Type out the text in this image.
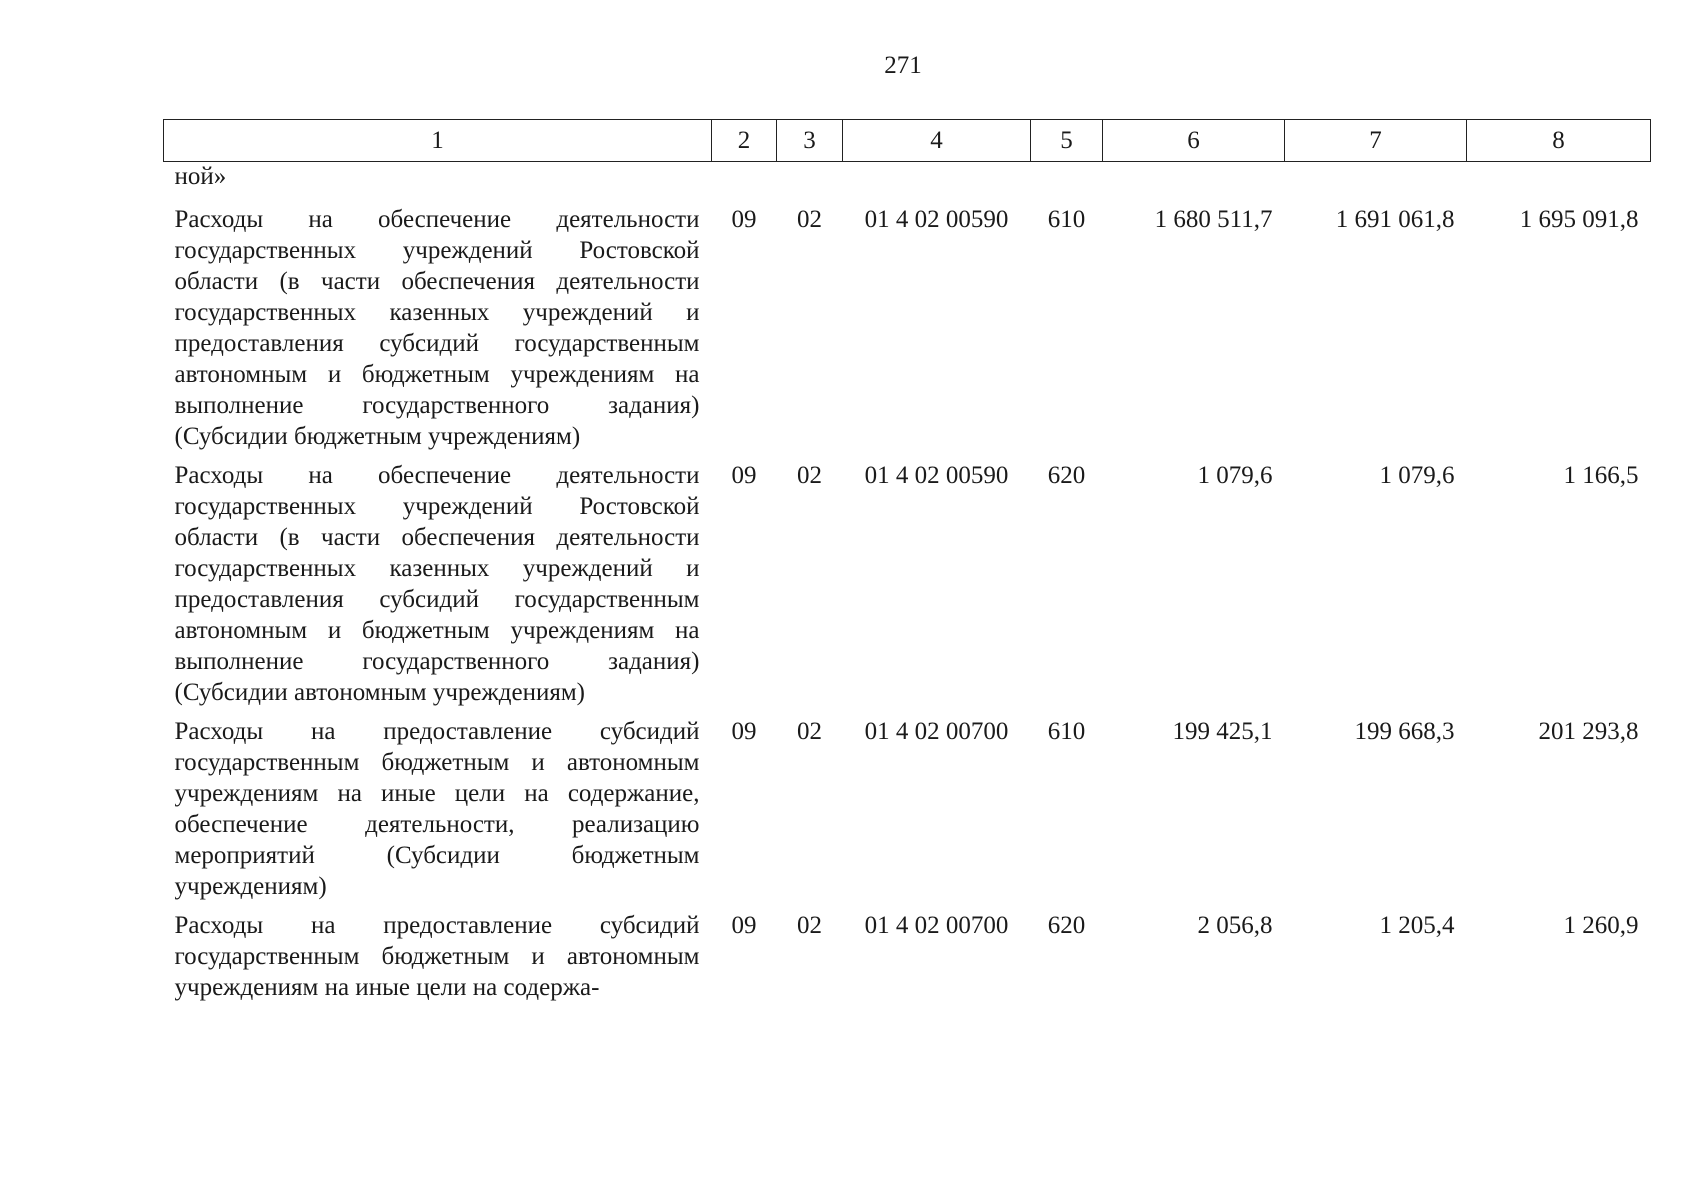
271
1	2	3	4	5	6	7	8
ной»							
Расходы на обеспечение деятельности государственных учреждений Ростовской области (в части обеспечения деятельности государственных казенных учреждений и предоставления субсидий государственным автономным и бюджетным учреждениям на выполнение государственного задания) (Субсидии бюджетным учреждениям)	09	02	01 4 02 00590	610	1 680 511,7	1 691 061,8	1 695 091,8
Расходы на обеспечение деятельности государственных учреждений Ростовской области (в части обеспечения деятельности государственных казенных учреждений и предоставления субсидий государственным автономным и бюджетным учреждениям на выполнение государственного задания) (Субсидии автономным учреждениям)	09	02	01 4 02 00590	620	1 079,6	1 079,6	1 166,5
Расходы на предоставление субсидий государственным бюджетным и автономным учреждениям на иные цели на содержание, обеспечение деятельности, реализацию мероприятий (Субсидии бюджетным учреждениям)	09	02	01 4 02 00700	610	199 425,1	199 668,3	201 293,8
Расходы на предоставление субсидий государственным бюджетным и автономным учреждениям на иные цели на содержа-	09	02	01 4 02 00700	620	2 056,8	1 205,4	1 260,9
